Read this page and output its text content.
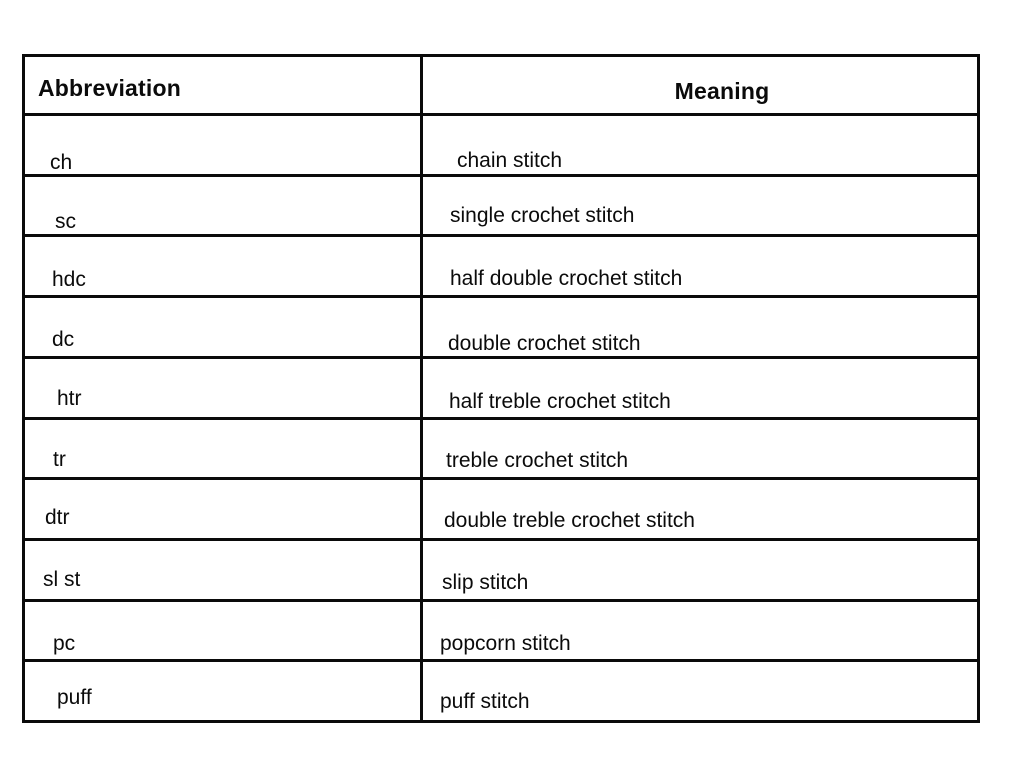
Abbreviation	Meaning
ch	chain stitch
sc	single crochet stitch
hdc	half double crochet stitch
dc	double crochet stitch
htr	half treble crochet stitch
tr	treble crochet stitch
dtr	double treble crochet stitch
sl st	slip stitch
pc	popcorn stitch
puff	puff stitch
